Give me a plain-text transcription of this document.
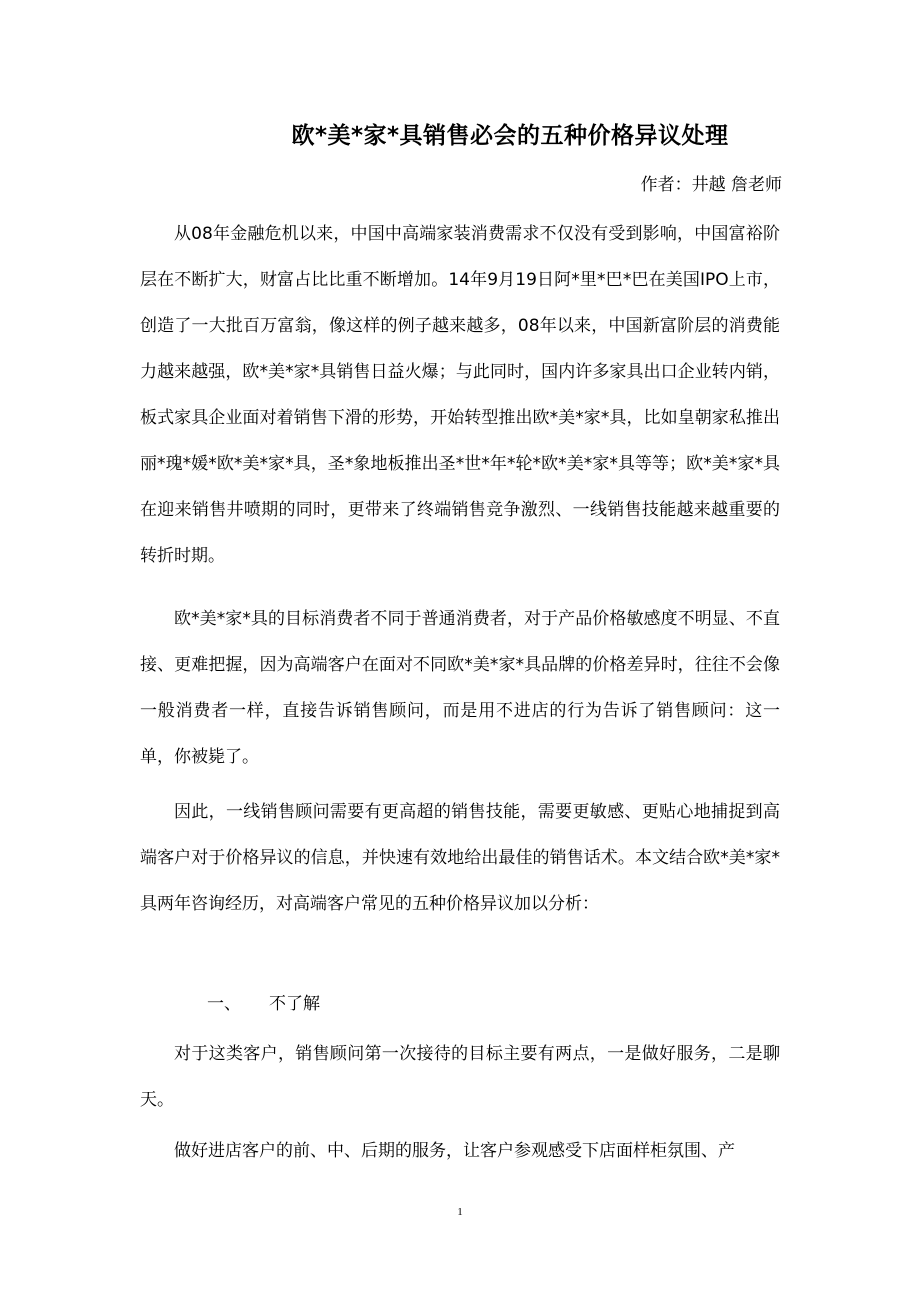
欧*美*家*具销售必会的五种价格异议处理
作者：井越 詹老师

从08年金融危机以来，中国中高端家装消费需求不仅没有受到影响，中国富裕阶层在不断扩大，财富占比比重不断增加。14年9月19日阿*里*巴*巴在美国IPO上市，创造了一大批百万富翁，像这样的例子越来越多，08年以来，中国新富阶层的消费能力越来越强，欧*美*家*具销售日益火爆；与此同时，国内许多家具出口企业转内销，板式家具企业面对着销售下滑的形势，开始转型推出欧*美*家*具，比如皇朝家私推出丽*瑰*媛*欧*美*家*具，圣*象地板推出圣*世*年*轮*欧*美*家*具等等；欧*美*家*具在迎来销售井喷期的同时，更带来了终端销售竞争激烈、一线销售技能越来越重要的转折时期。

欧*美*家*具的目标消费者不同于普通消费者，对于产品价格敏感度不明显、不直接、更难把握，因为高端客户在面对不同欧*美*家*具品牌的价格差异时，往往不会像一般消费者一样，直接告诉销售顾问，而是用不进店的行为告诉了销售顾问：这一单，你被毙了。

因此，一线销售顾问需要有更高超的销售技能，需要更敏感、更贴心地捕捉到高端客户对于价格异议的信息，并快速有效地给出最佳的销售话术。本文结合欧*美*家*具两年咨询经历，对高端客户常见的五种价格异议加以分析：

一、 不了解

对于这类客户，销售顾问第一次接待的目标主要有两点，一是做好服务，二是聊天。

做好进店客户的前、中、后期的服务，让客户参观感受下店面样柜氛围、产

1
